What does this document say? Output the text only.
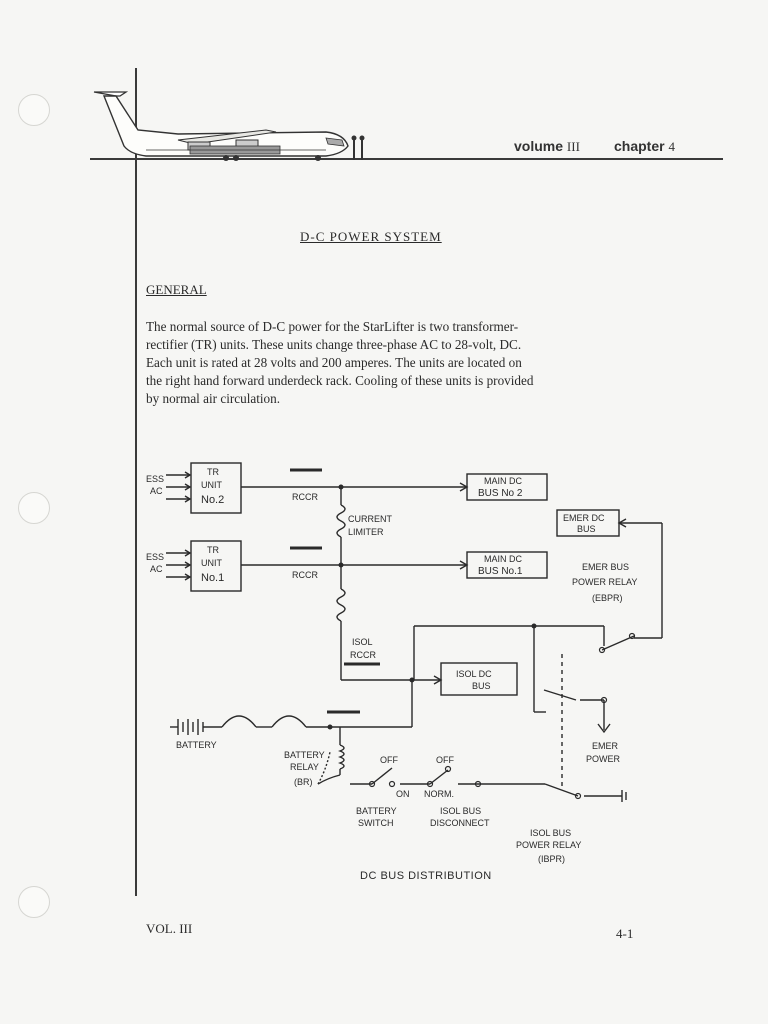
volume III chapter 4
D-C POWER SYSTEM
GENERAL
The normal source of D-C power for the StarLifter is two transformer-
rectifier (TR) units. These units change three-phase AC to 28-volt, DC.
Each unit is rated at 28 volts and 200 amperes. The units are located on
the right hand forward underdeck rack. Cooling of these units is provided
by normal air circulation.
ESS
AC
ESS
AC
TR
UNIT
No.2
TR
UNIT
No.1
RCCR
RCCR
CURRENT
LIMITER
MAIN DC
BUS No 2
MAIN DC
BUS No.1
EMER DC
BUS
EMER BUS
POWER RELAY
(EBPR)
ISOL
RCCR
ISOL DC
BUS
BATTERY
BATTERY
RELAY
(BR)
OFF	OFF
ON NORM.
BATTERY
SWITCH
ISOL BUS
DISCONNECT
EMER
POWER
ISOL BUS
POWER RELAY
(IBPR)
DC BUS DISTRIBUTION
VOL. III	4-1
